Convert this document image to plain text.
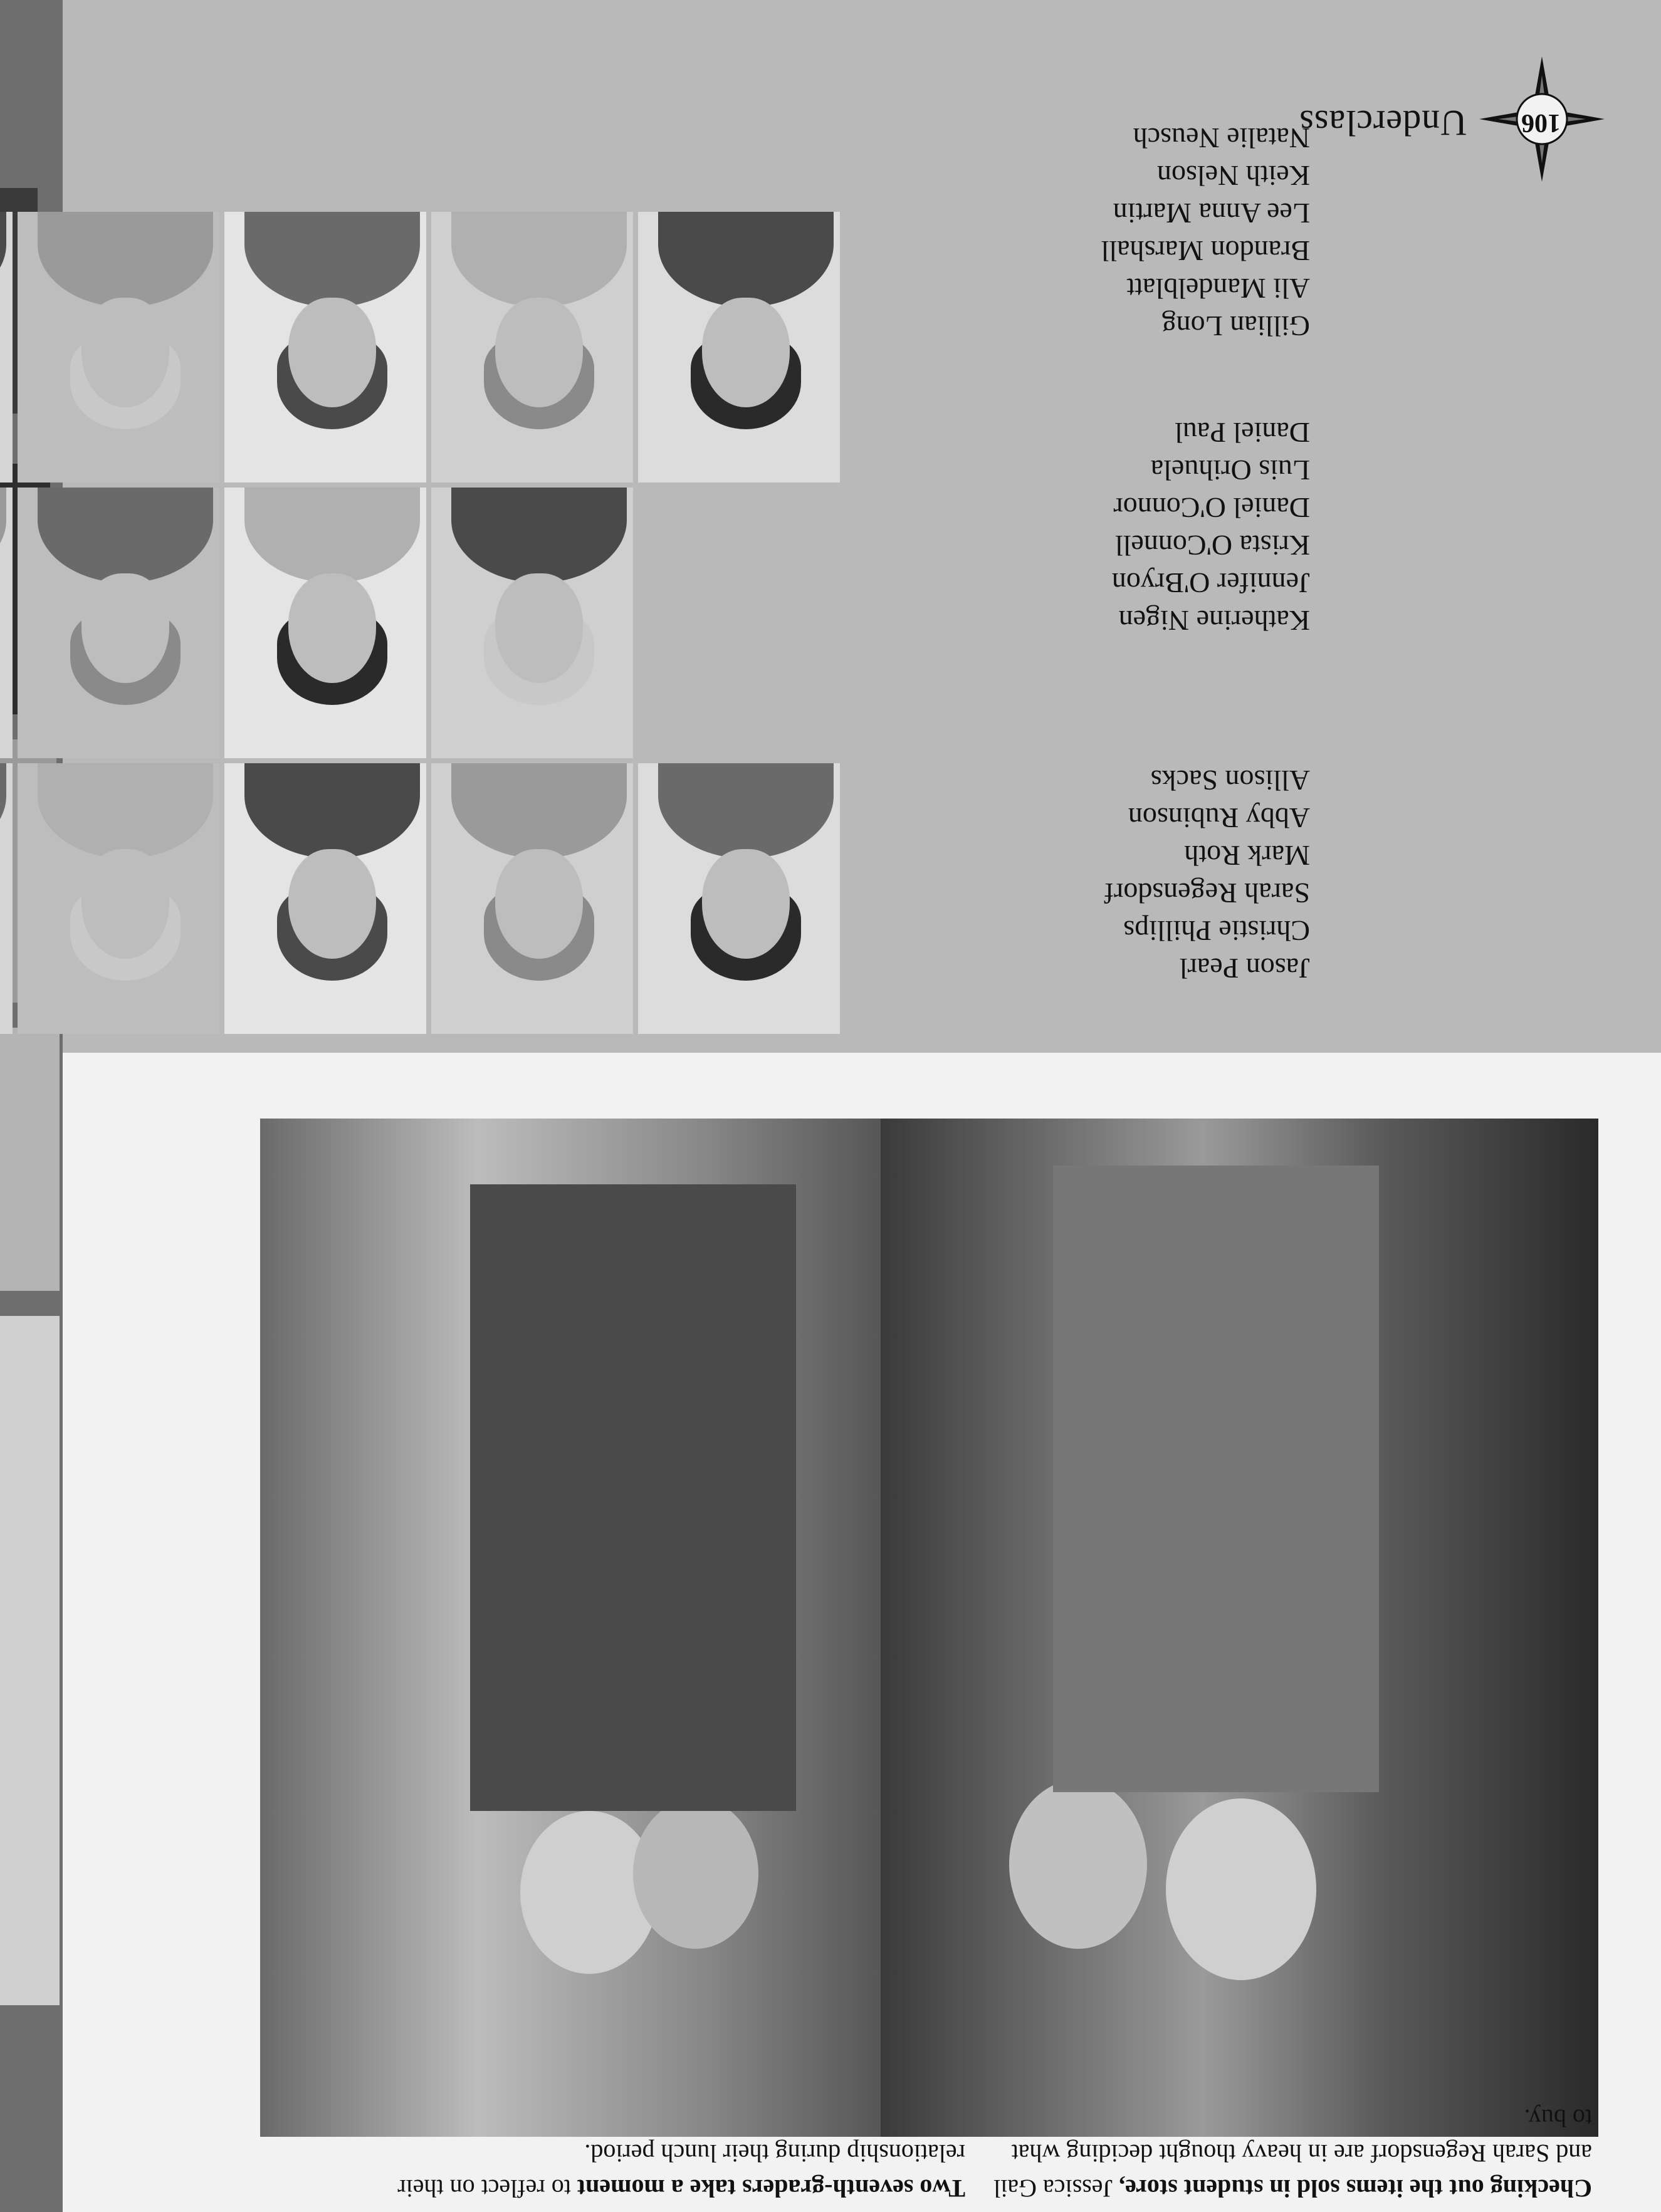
106
Underclass
Jason Pearl
Christie Phillips
Sarah Regensdorf
Mark Roth
Abby Rubinson
Allison Sacks
Katherine Nigen
Jennifer O'Bryon
Krista O'Connell
Daniel O'Connor
Luis Orihuela
Daniel Paul
Gillian Long
Ali Mandelblatt
Brandon Marshall
Lee Anna Martin
Keith Nelson
Natalie Neusch
Two seventh-graders take a moment to reflect on their relationship during their lunch period.
Checking out the items sold in student store, Jessica Gail and Sarah Regensdorf are in heavy thought deciding what to buy.
